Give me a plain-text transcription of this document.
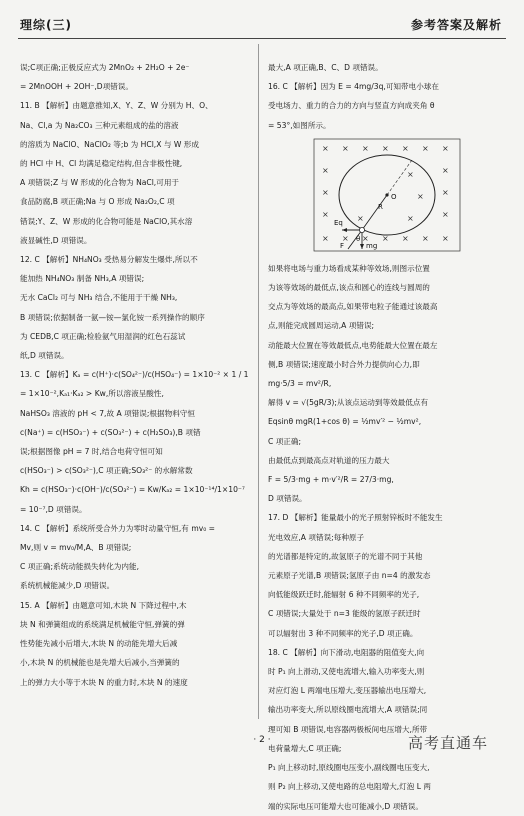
理综(三)	参考答案及解析

误;C项正确;正极反应式为 2MnO₂ + 2H₂O + 2e⁻

= 2MnOOH + 2OH⁻,D项错误。

11. B 【解析】由题意推知,X、Y、Z、W 分别为 H、O、

Na、Cl,a 为 Na₂CO₃ 三种元素组成的盐的溶液

的溶质为 NaClO、NaClO₂ 等;b 为 HCl,X 与 W 形成

的 HCl 中 H、Cl 均满足稳定结构,但含非极性键,

A 项错误;Z 与 W 形成的化合物为 NaCl,可用于

食品防腐,B 项正确;Na 与 O 形成 Na₂O₂,C 项

错误;Y、Z、W 形成的化合物可能是 NaClO,其水溶

液显碱性,D 项错误。

12. C 【解析】NH₄NO₃ 受热易分解发生爆炸,所以不

能加热 NH₄NO₃ 制备 NH₃,A 项错误;

无水 CaCl₂ 可与 NH₃ 结合,不能用于干燥 NH₃,

B 项错误;依据制备一氨—铵—氯化铵一系列操作的顺序

为 CEDB,C 项正确;检验氨气用湿润的红色石蕊试

纸,D 项错误。

13. C 【解析】Kₐ = c(H⁺)·c(SO₄²⁻)/c(HSO₄⁻) = 1×10⁻² × 1 / 1

= 1×10⁻²,Kₐ₁·Kₐ₂ > Kw,所以溶液呈酸性,

NaHSO₃ 溶液的 pH < 7,故 A 项错误;根据物料守恒

c(Na⁺) = c(HSO₃⁻) + c(SO₃²⁻) + c(H₂SO₃),B 项错

误;根据图像 pH = 7 时,结合电荷守恒可知

c(HSO₃⁻) > c(SO₃²⁻),C 项正确;SO₃²⁻ 的水解常数

Kh = c(HSO₃⁻)·c(OH⁻)/c(SO₃²⁻) = Kw/Kₐ₂ = 1×10⁻¹⁴/1×10⁻⁷

= 10⁻⁷,D 项错误。

14. C 【解析】系统所受合外力为零时动量守恒,有 mv₀ =

Mv,则 v = mv₀/M,A、B 项错误;

C 项正确;系统动能损失转化为内能,

系统机械能减少,D 项错误。

15. A 【解析】由题意可知,木块 N 下降过程中,木

块 N 和弹簧组成的系统满足机械能守恒,弹簧的弹

性势能先减小后增大,木块 N 的动能先增大后减

小,木块 N 的机械能也是先增大后减小,当弹簧的

上的弹力大小等于木块 N 的重力时,木块 N 的速度

最大,A 项正确,B、C、D 项错误。

16. C 【解析】因为 E = 4mg/3q,可知带电小球在

受电场力、重力的合力的方向与竖直方向成夹角 θ

= 53°,如图所示。

× × × × × × ×
×	×
×	×
×	×
× × × × × × ×
×
×
×
×
O
R
Eq
mg
θ
F

如果将电场与重力场看成某种等效场,则图示位置

为该等效场的最低点,该点和圆心的连线与圆周的

交点为等效场的最高点,如果带电粒子能通过该最高

点,则能完成圆周运动,A 项错误;

动能最大位置在等效最低点,电势能最大位置在最左

侧,B 项错误;速度最小时合外力提供向心力,即

mg·5/3 = mv²/R,

解得 v = √(5gR/3);从该点运动到等效最低点有

Eqsinθ mgR(1+cos θ) = ½mv′² − ½mv²,

C 项正确;

由最低点到最高点对轨道的压力最大

F = 5/3·mg + m·v′²/R = 27/3·mg,

D 项错误。

17. D 【解析】能量最小的光子照射锌板时不能发生

光电效应,A 项错误;每种原子

的光谱都是特定的,故氢原子的光谱不同于其他

元素原子光谱,B 项错误;氢原子由 n=4 的激发态

向低能级跃迁时,能辐射 6 种不同频率的光子,

C 项错误;大量处于 n=3 能级的氢原子跃迁时

可以辐射出 3 种不同频率的光子,D 项正确。

18. C 【解析】向下滑动,电阻器的阻值变大,向

时 P₁ 向上滑动,又使电流增大,输入功率变大,则

对应灯泡 L 两端电压增大,变压器输出电压增大,

输出功率变大,所以原线圈电流增大,A 项错误;同

理可知 B 项错误,电容器两极板间电压增大,所带

电荷量增大,C 项正确;

P₁ 向上移动时,原线圈电压变小,副线圈电压变大,

则 P₂ 向上移动,又使电路的总电阻增大,灯泡 L 两

端的实际电压可能增大也可能减小,D 项错误。

· 2 ·	高考直通车
